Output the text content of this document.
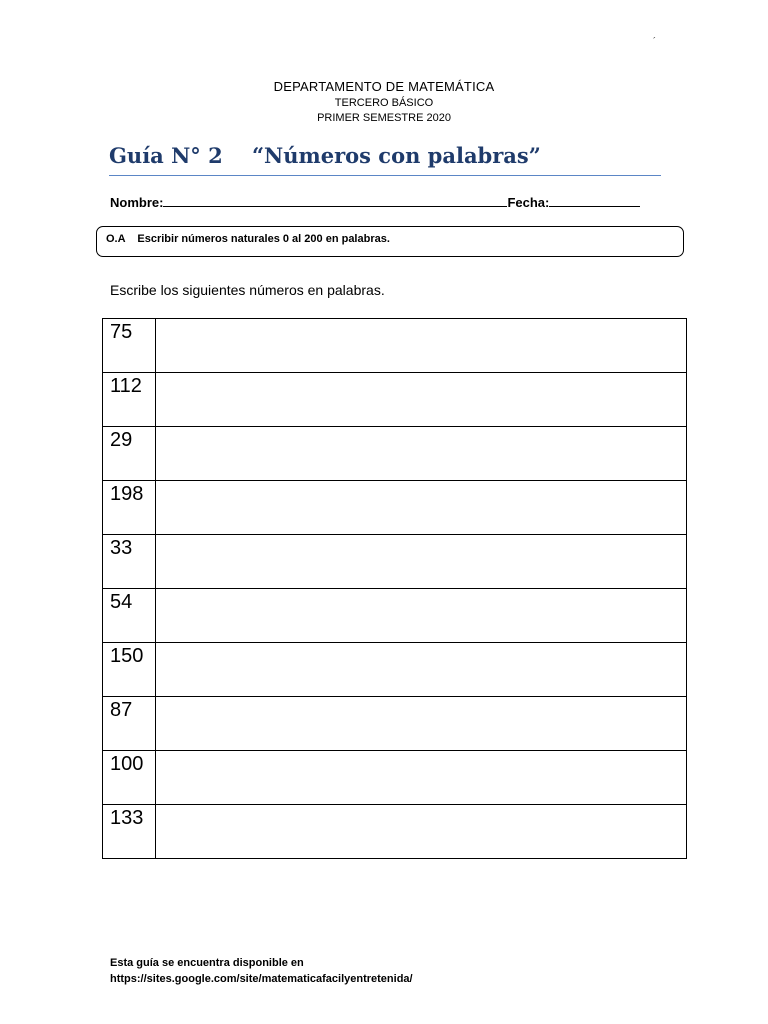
´
DEPARTAMENTO DE MATEMÁTICA
TERCERO BÁSICO
PRIMER SEMESTRE 2020
Guía N° 2 “Números con palabras”
Nombre:	Fecha:
O.A Escribir números naturales 0 al 200 en palabras.
Escribe los siguientes números en palabras.
75	
112	
29	
198	
33	
54	
150	
87	
100	
133	
Esta guía se encuentra disponible en
https://sites.google.com/site/matematicafacilyentretenida/
